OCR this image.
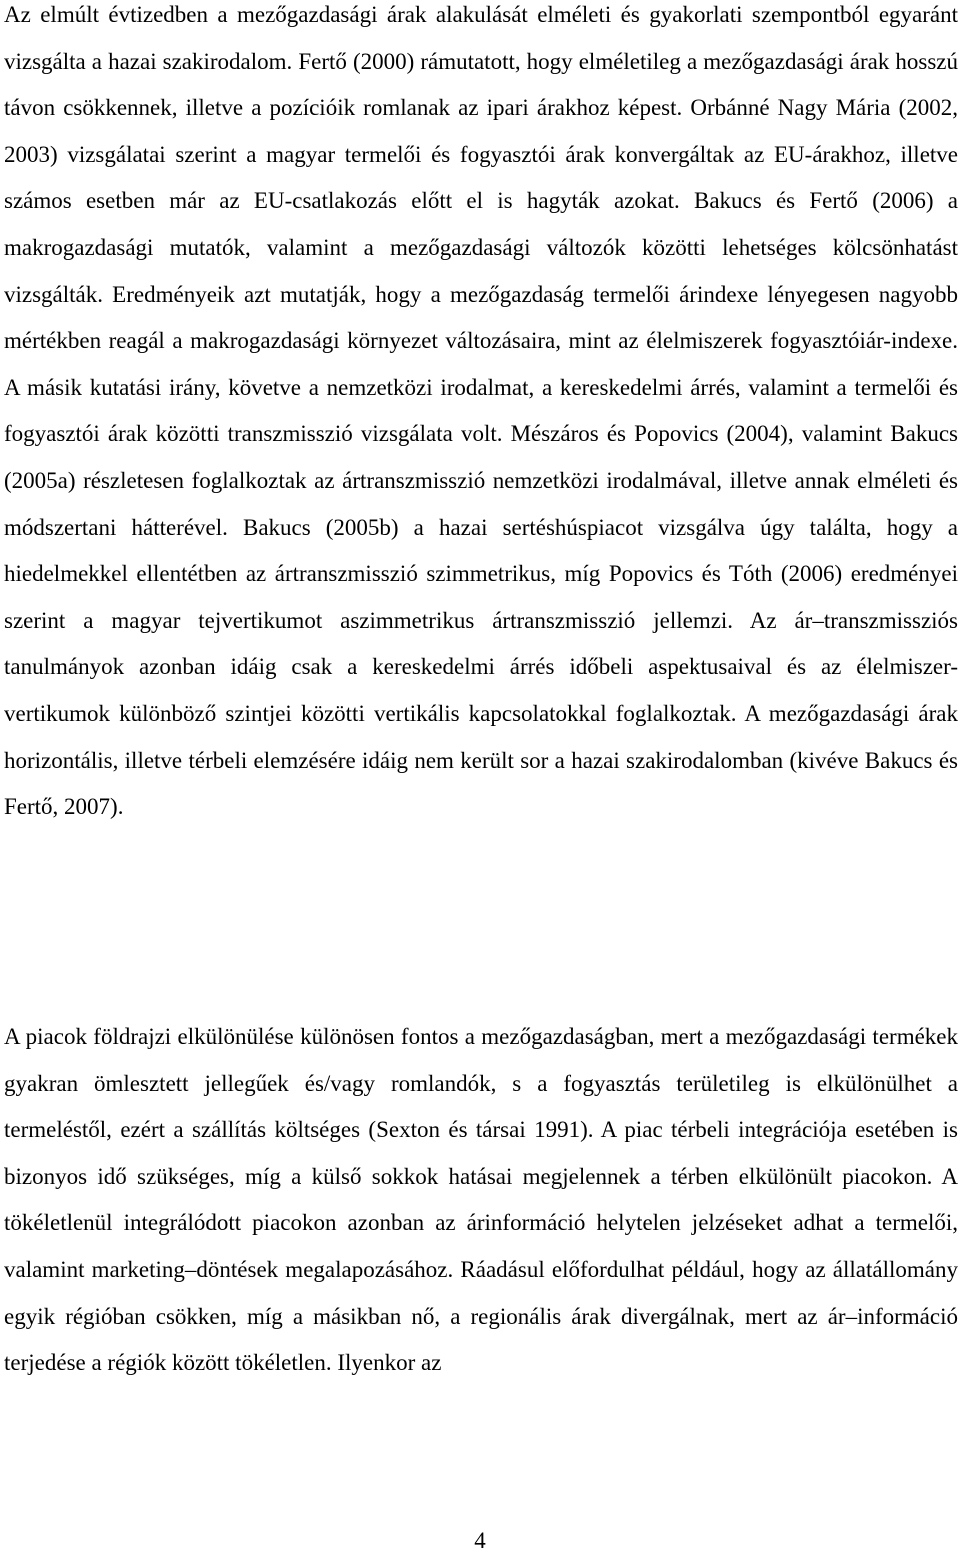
Az elmúlt évtizedben a mezőgazdasági árak alakulását elméleti és gyakorlati szempontból egyaránt vizsgálta a hazai szakirodalom. Fertő (2000) rámutatott, hogy elméletileg a mezőgazdasági árak hosszú távon csökkennek, illetve a pozícióik romlanak az ipari árakhoz képest. Orbánné Nagy Mária (2002, 2003) vizsgálatai szerint a magyar termelői és fogyasztói árak konvergáltak az EU-árakhoz, illetve számos esetben már az EU-csatlakozás előtt el is hagyták azokat. Bakucs és Fertő (2006) a makrogazdasági mutatók, valamint a mezőgazdasági változók közötti lehetséges kölcsönhatást vizsgálták. Eredményeik azt mutatják, hogy a mezőgazdaság termelői árindexe lényegesen nagyobb mértékben reagál a makrogazdasági környezet változásaira, mint az élelmiszerek fogyasztóiár-indexe. A másik kutatási irány, követve a nemzetközi irodalmat, a kereskedelmi árrés, valamint a termelői és fogyasztói árak közötti transzmisszió vizsgálata volt. Mészáros és Popovics (2004), valamint Bakucs (2005a) részletesen foglalkoztak az ártranszmisszió nemzetközi irodalmával, illetve annak elméleti és módszertani hátterével. Bakucs (2005b) a hazai sertéshúspiacot vizsgálva úgy találta, hogy a hiedelmekkel ellentétben az ártranszmisszió szimmetrikus, míg Popovics és Tóth (2006) eredményei szerint a magyar tejvertikumot aszimmetrikus ártranszmisszió jellemzi. Az ár–transzmissziós tanulmányok azonban idáig csak a kereskedelmi árrés időbeli aspektusaival és az élelmiszer-vertikumok különböző szintjei közötti vertikális kapcsolatokkal foglalkoztak. A mezőgazdasági árak horizontális, illetve térbeli elemzésére idáig nem került sor a hazai szakirodalomban (kivéve Bakucs és Fertő, 2007).

A piacok földrajzi elkülönülése különösen fontos a mezőgazdaságban, mert a mezőgazdasági termékek gyakran ömlesztett jellegűek és/vagy romlandók, s a fogyasztás területileg is elkülönülhet a termeléstől, ezért a szállítás költséges (Sexton és társai 1991). A piac térbeli integrációja esetében is bizonyos idő szükséges, míg a külső sokkok hatásai megjelennek a térben elkülönült piacokon. A tökéletlenül integrálódott piacokon azonban az árinformáció helytelen jelzéseket adhat a termelői, valamint marketing–döntések megalapozásához. Ráadásul előfordulhat például, hogy az állatállomány egyik régióban csökken, míg a másikban nő, a regionális árak divergálnak, mert az ár–információ terjedése a régiók között tökéletlen. Ilyenkor az

4
